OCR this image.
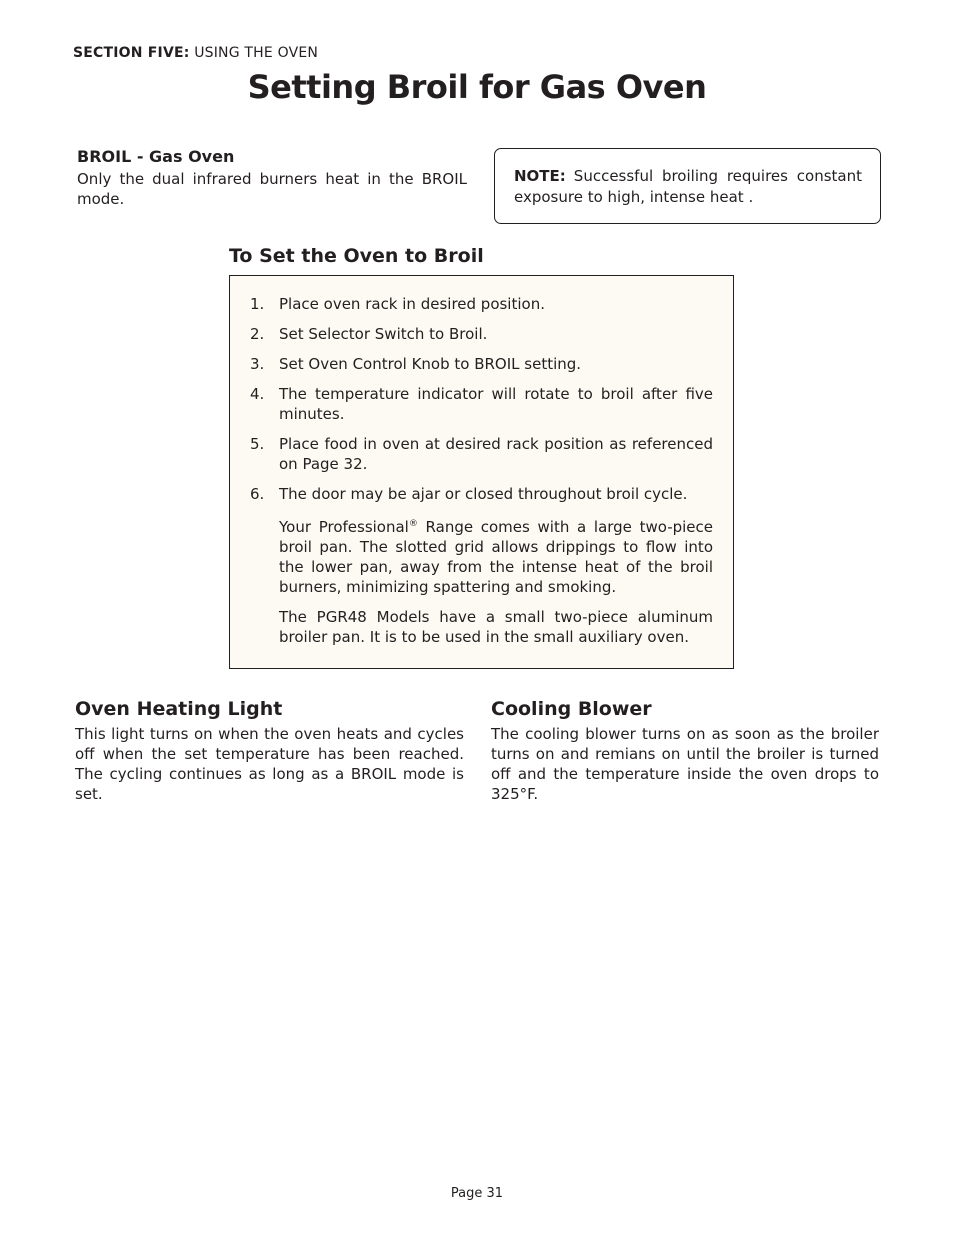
SECTION FIVE: USING THE OVEN
Setting Broil for Gas Oven
BROIL - Gas Oven

Only the dual infrared burners heat in the BROIL mode.

NOTE: Successful broiling requires constant exposure to high, intense heat .
To Set the Oven to Broil
1. Place oven rack in desired position.
2. Set Selector Switch to Broil.
3. Set Oven Control Knob to BROIL setting.
4. The temperature indicator will rotate to broil after five minutes.
5. Place food in oven at desired rack position as referenced on Page 32.
6. The door may be ajar or closed throughout broil cycle.

Your Professional® Range comes with a large two-piece broil pan. The slotted grid allows drippings to flow into the lower pan, away from the intense heat of the broil burners, minimizing spattering and smoking.

The PGR48 Models have a small two-piece aluminum broiler pan. It is to be used in the small auxiliary oven.

Oven Heating Light

This light turns on when the oven heats and cycles off when the set temperature has been reached. The cycling continues as long as a BROIL mode is set.

Cooling Blower

The cooling blower turns on as soon as the broiler turns on and remians on until the broiler is turned off and the temperature inside the oven drops to 325°F.

Page 31
